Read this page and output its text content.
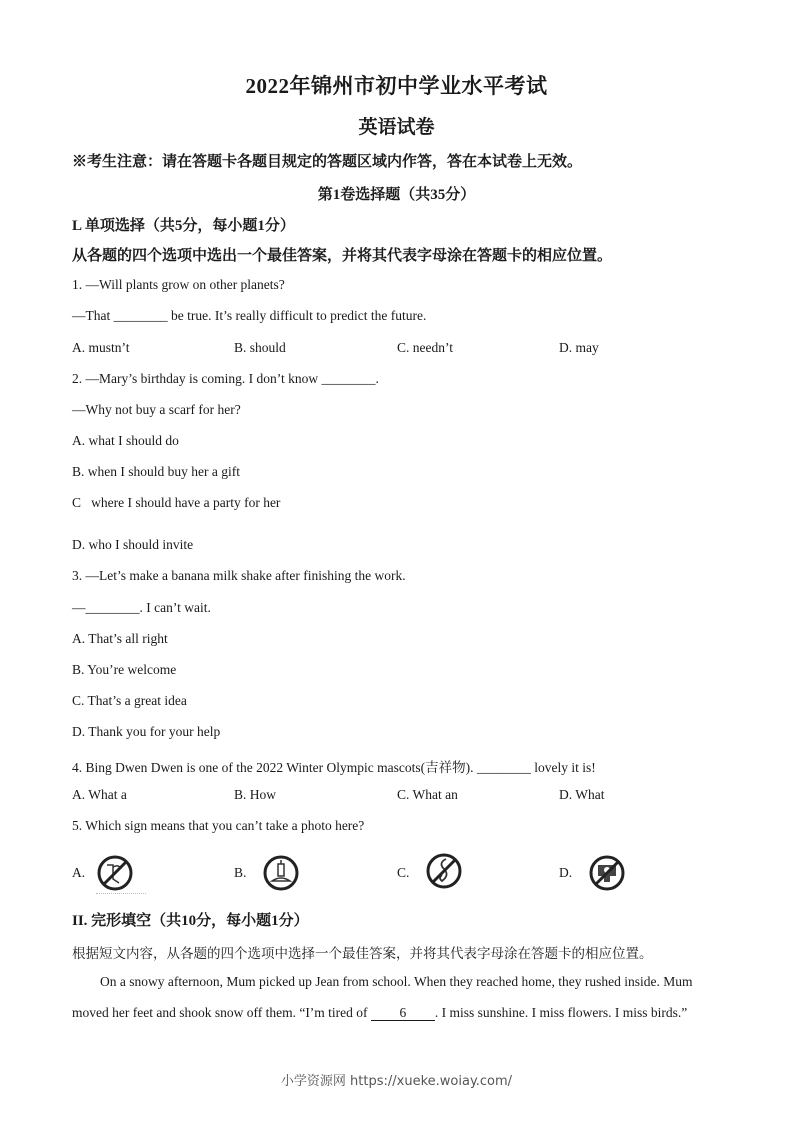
2022年锦州市初中学业水平考试
英语试卷
※考生注意：请在答题卡各题目规定的答题区域内作答，答在本试卷上无效。
第1卷选择题（共35分）
L 单项选择（共5分，每小题1分）
从各题的四个选项中选出一个最佳答案，并将其代表字母涂在答题卡的相应位置。
1. —Will plants grow on other planets?
—That ________ be true. It’s really difficult to predict the future.
A. mustn’t	B. should	C. needn’t	D. may
2. —Mary’s birthday is coming. I don’t know ________.
—Why not buy a scarf for her?
A. what I should do
B. when I should buy her a gift
C   where I should have a party for her
D. who I should invite
3. —Let’s make a banana milk shake after finishing the work.
—________. I can’t wait.
A. That’s all right
B. You’re welcome
C. That’s a great idea
D. Thank you for your help
4. Bing Dwen Dwen is one of the 2022 Winter Olympic mascots(吉祥物). ________ lovely it is!
A. What a	B. How	C. What an	D. What
5. Which sign means that you can’t take a photo here?
A.	B.	C.	D.
II. 完形填空（共10分，每小题1分）
根据短文内容，从各题的四个选项中选择一个最佳答案，并将其代表字母涂在答题卡的相应位置。
On a snowy afternoon, Mum picked up Jean from school. When they reached home, they rushed inside. Mum
moved her feet and shook snow off them. “I’m tired of 6 . I miss sunshine. I miss flowers. I miss birds.”
小学资源网 https://xueke.woiay.com/
